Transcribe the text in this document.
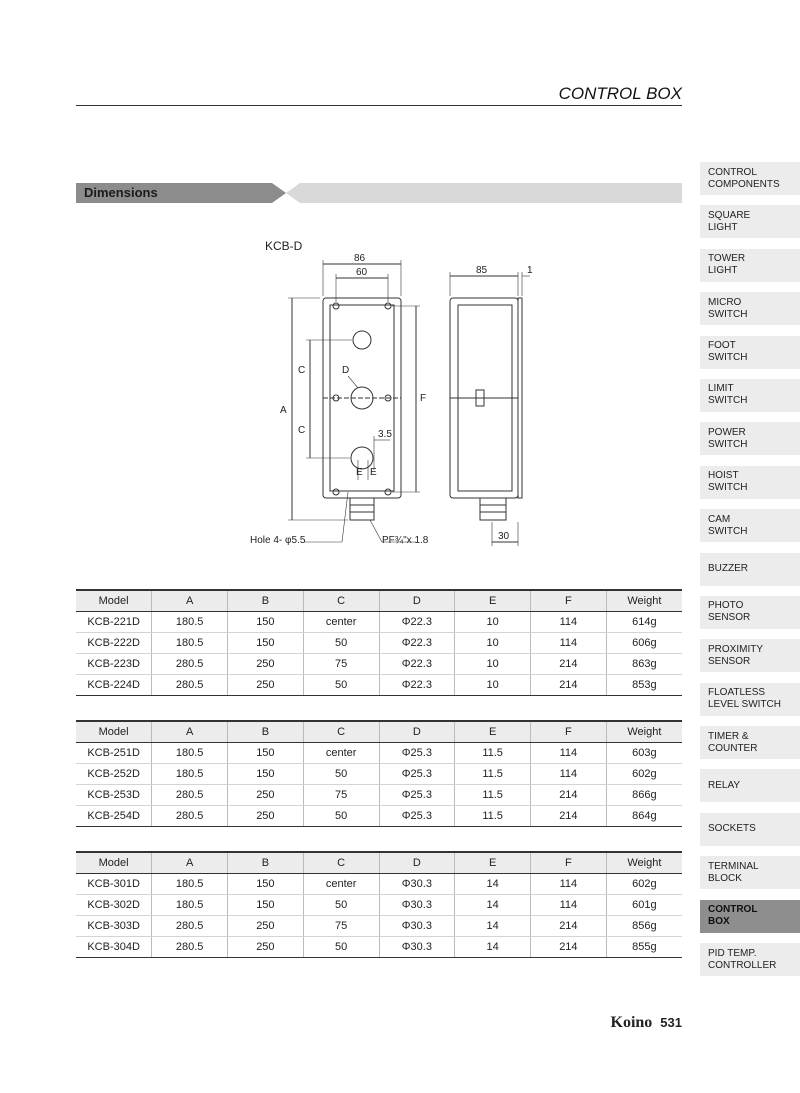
CONTROL BOX
Dimensions
KCB-D
86
60	85	1
C
C
A
F
D
E E
3.5
30
Hole 4- φ5.5	PF¾"x 1.8
Model	A	B	C	D	E	F	Weight
KCB-221D	180.5	150	center	Φ22.3	10	114	614g
KCB-222D	180.5	150	50	Φ22.3	10	114	606g
KCB-223D	280.5	250	75	Φ22.3	10	214	863g
KCB-224D	280.5	250	50	Φ22.3	10	214	853g
Model	A	B	C	D	E	F	Weight
KCB-251D	180.5	150	center	Φ25.3	11.5	114	603g
KCB-252D	180.5	150	50	Φ25.3	11.5	114	602g
KCB-253D	280.5	250	75	Φ25.3	11.5	214	866g
KCB-254D	280.5	250	50	Φ25.3	11.5	214	864g
Model	A	B	C	D	E	F	Weight
KCB-301D	180.5	150	center	Φ30.3	14	114	602g
KCB-302D	180.5	150	50	Φ30.3	14	114	601g
KCB-303D	280.5	250	75	Φ30.3	14	214	856g
KCB-304D	280.5	250	50	Φ30.3	14	214	855g
CONTROL
COMPONENTS
SQUARE
LIGHT
TOWER
LIGHT
MICRO
SWITCH
FOOT
SWITCH
LIMIT
SWITCH
POWER
SWITCH
HOIST
SWITCH
CAM
SWITCH
BUZZER
PHOTO
SENSOR
PROXIMITY
SENSOR
FLOATLESS
LEVEL SWITCH
TIMER &
COUNTER
RELAY
SOCKETS
TERMINAL
BLOCK
CONTROL
BOX
PID TEMP.
CONTROLLER
Koino 531
